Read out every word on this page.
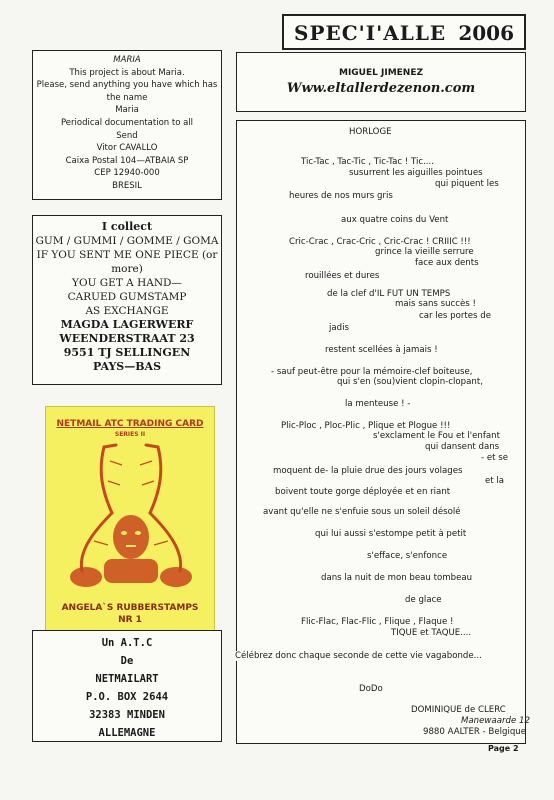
SPEC'I'ALLE 2006
MARIA
This project is about Maria.
Please, send anything you have which has the name
Maria
Periodical documentation to all
Send
Vitor CAVALLO
Caixa Postal 104—ATBAIA SP
CEP 12940-000
BRESIL
I collect
GUM / GUMMI / GOMME / GOMA
IF YOU SENT ME ONE PIECE (or
more)
YOU GET A HAND—
CARUED GUMSTAMP
AS EXCHANGE
MAGDA LAGERWERF
WEENDERSTRAAT 23
9551 TJ SELLINGEN
PAYS—BAS
NETMAIL ATC TRADING CARD
SERIES II
ANGELA`S RUBBERSTAMPS
NR 1
Un A.T.C
De
NETMAILART
P.O. BOX 2644
32383 MINDEN
ALLEMAGNE
MIGUEL JIMENEZ
Www.eltallerdezenon.com
HORLOGE
Tic-Tac , Tac-Tic , Tic-Tac ! Tic....
susurrent les aiguilles pointues
qui piquent les
heures de nos murs gris
aux quatre coins du Vent
Cric-Crac , Crac-Cric , Cric-Crac ! CRIIIC !!!
grince la vieille serrure
face aux dents
rouillées et dures
de la clef d'IL FUT UN TEMPS
mais sans succès !
car les portes de
jadis
restent scellées à jamais !
- sauf peut-être pour la mémoire-clef boiteuse,
qui s'en (sou)vient clopin-clopant,
la menteuse ! -
Plic-Ploc , Ploc-Plic , Plique et Plogue !!!
s'exclament le Fou et l'enfant
qui dansent dans
- et se
moquent de- la pluie drue des jours volages
et la
boivent toute gorge déployée et en riant
avant qu'elle ne s'enfuie sous un soleil désolé
qui lui aussi s'estompe petit à petit
s'efface, s'enfonce
dans la nuit de mon beau tombeau
de glace
Flic-Flac, Flac-Flic , Flique , Flaque !
TIQUE et TAQUE....
Célébrez donc chaque seconde de cette vie vagabonde...
DoDo
DOMINIQUE de CLERC
Manewaarde 12
9880 AALTER - Belgique
Page 2
